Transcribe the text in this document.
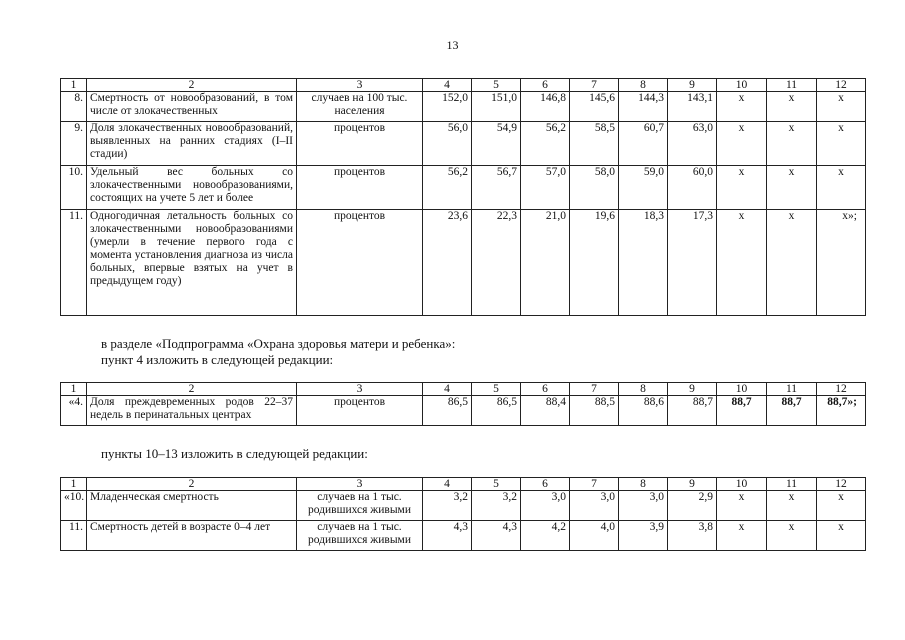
13
1	2	3	4	5	6	7	8	9	10	11	12
8.	Смертность от новообразований, в том числе от злокачественных	случаев на 100 тыс. населения	152,0	151,0	146,8	145,6	144,3	143,1	x	x	x
9.	Доля злокачественных новообразований, выявленных на ранних стадиях (I–II стадии)	процентов	56,0	54,9	56,2	58,5	60,7	63,0	x	x	x
10.	Удельный вес больных со злокачественными новообразованиями, состоящих на учете 5 лет и более	процентов	56,2	56,7	57,0	58,0	59,0	60,0	x	x	x
11.	Одногодичная летальность больных со злокачественными новообразованиями (умерли в течение первого года с момента установления диагноза из числа больных, впервые взятых на учет в предыдущем году)	процентов	23,6	22,3	21,0	19,6	18,3	17,3	x	x	x»;
в разделе «Подпрограмма «Охрана здоровья матери и ребенка»:
пункт 4 изложить в следующей редакции:
1	2	3	4	5	6	7	8	9	10	11	12
«4.	Доля преждевременных родов 22–37 недель в перинатальных центрах	процентов	86,5	86,5	88,4	88,5	88,6	88,7	88,7	88,7	88,7»;
пункты 10–13 изложить в следующей редакции:
1	2	3	4	5	6	7	8	9	10	11	12
«10.	Младенческая смертность	случаев на 1 тыс. родившихся живыми	3,2	3,2	3,0	3,0	3,0	2,9	x	x	x
11.	Смертность детей в возрасте 0–4 лет	случаев на 1 тыс. родившихся живыми	4,3	4,3	4,2	4,0	3,9	3,8	x	x	x
